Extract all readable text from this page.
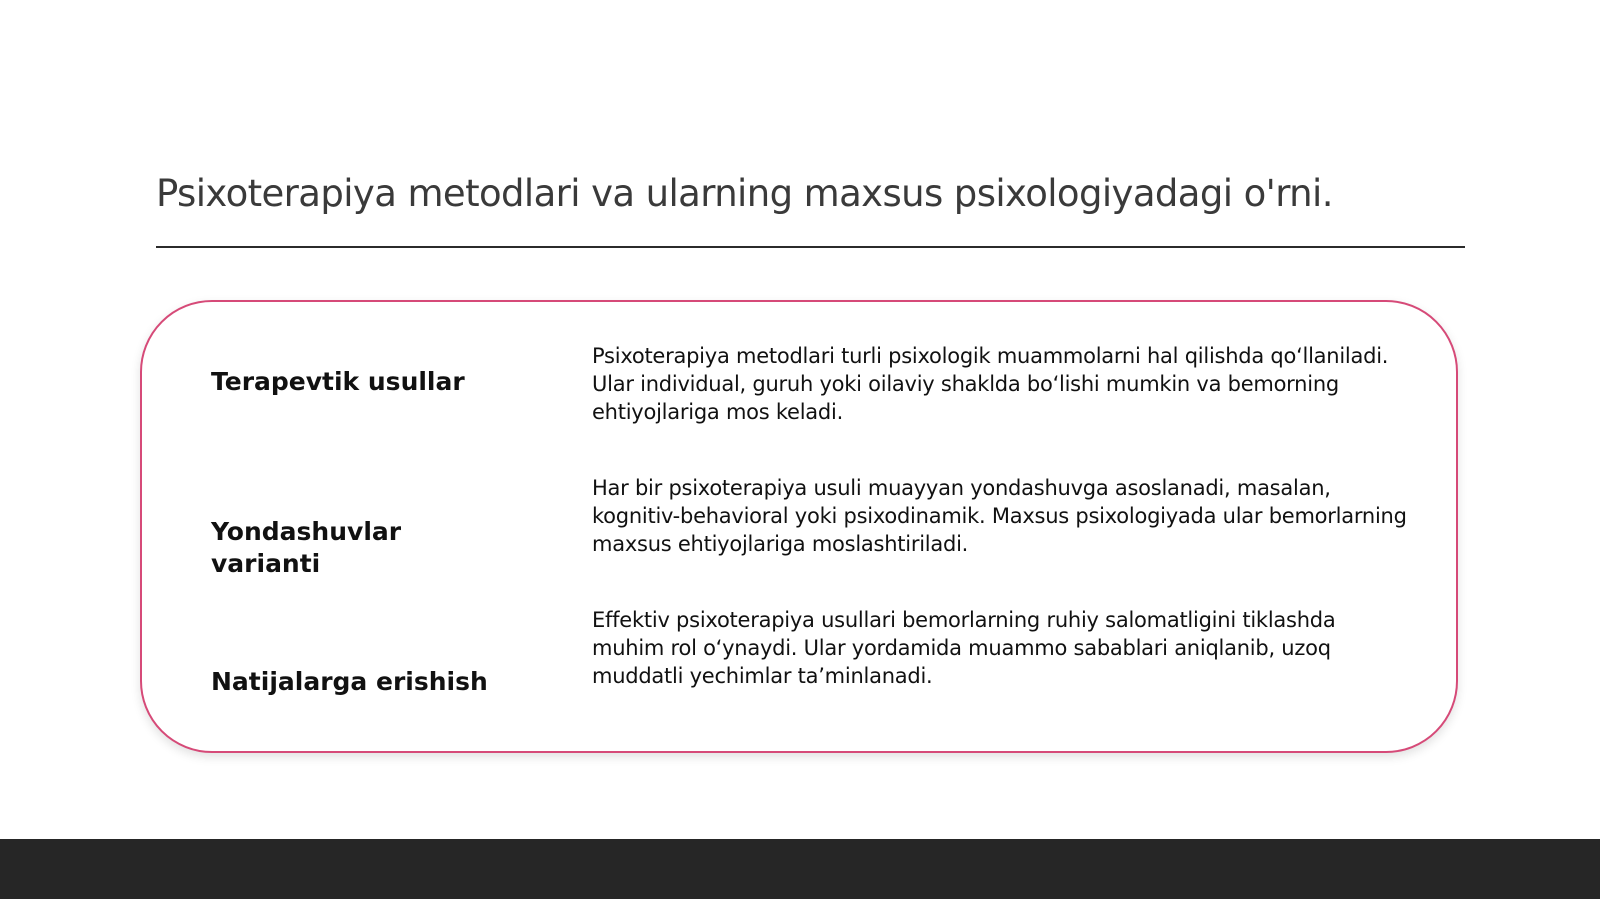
Psixoterapiya metodlari va ularning maxsus psixologiyadagi o'rni.

Terapevtik usullar

Psixoterapiya metodlari turli psixologik muammolarni hal qilishda qo‘llaniladi. Ular individual, guruh yoki oilaviy shaklda bo‘lishi mumkin va bemorning ehtiyojlariga mos keladi.

Yondashuvlar varianti

Har bir psixoterapiya usuli muayyan yondashuvga asoslanadi, masalan, kognitiv-behavioral yoki psixodinamik. Maxsus psixologiyada ular bemorlarning maxsus ehtiyojlariga moslashtiriladi.

Natijalarga erishish

Effektiv psixoterapiya usullari bemorlarning ruhiy salomatligini tiklashda muhim rol o‘ynaydi. Ular yordamida muammo sabablari aniqlanib, uzoq muddatli yechimlar ta’minlanadi.
